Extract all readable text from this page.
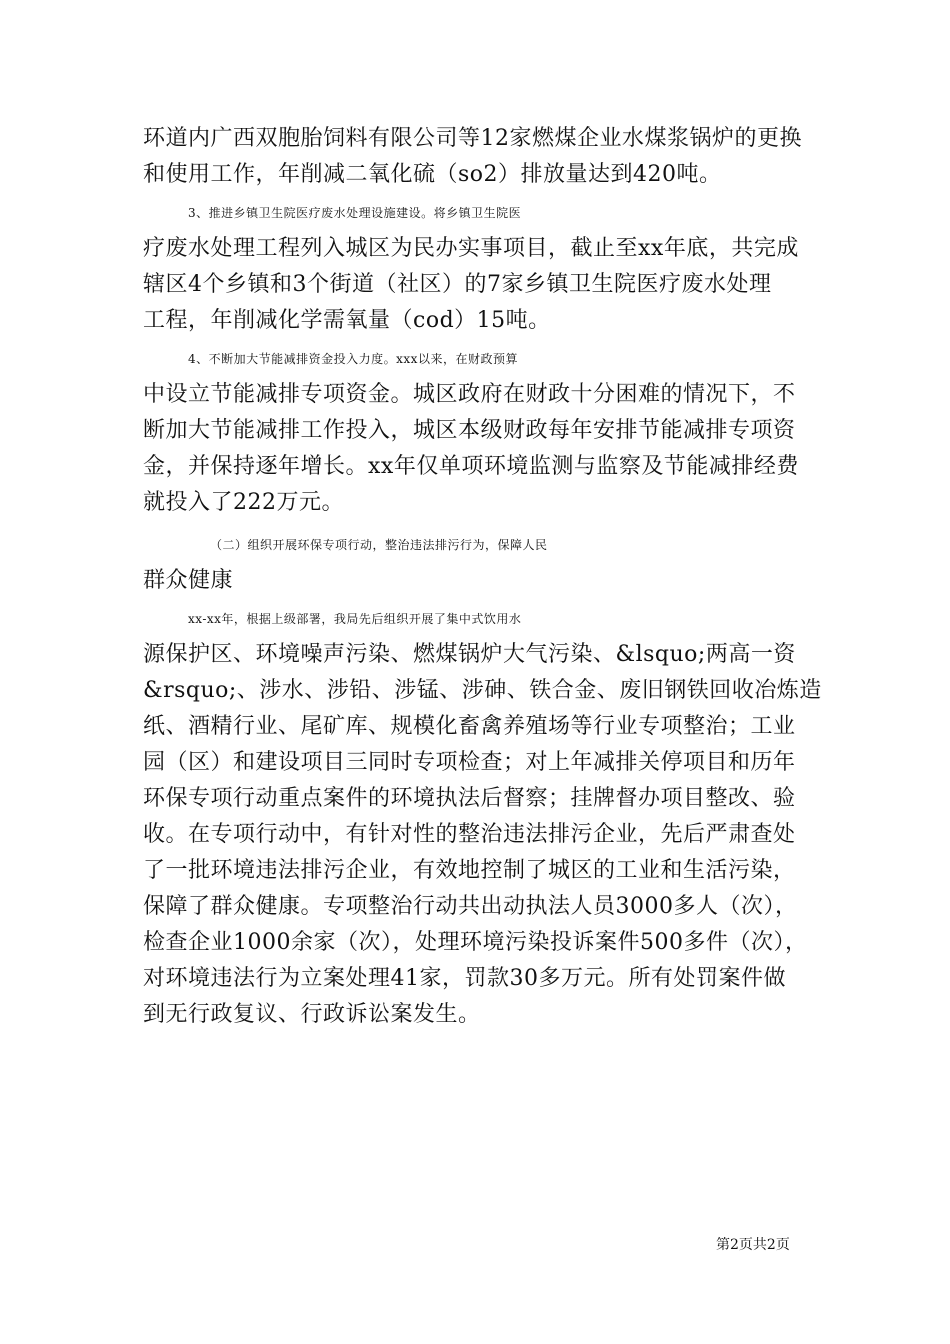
环道内广西双胞胎饲料有限公司等12家燃煤企业水煤浆锅炉的更换
和使用工作，年削减二氧化硫（so2）排放量达到420吨。
3、推进乡镇卫生院医疗废水处理设施建设。将乡镇卫生院医
疗废水处理工程列入城区为民办实事项目，截止至xx年底，共完成
辖区4个乡镇和3个街道（社区）的7家乡镇卫生院医疗废水处理
工程，年削减化学需氧量（cod）15吨。
4、不断加大节能减排资金投入力度。xxx以来，在财政预算
中设立节能减排专项资金。城区政府在财政十分困难的情况下，不
断加大节能减排工作投入，城区本级财政每年安排节能减排专项资
金，并保持逐年增长。xx年仅单项环境监测与监察及节能减排经费
就投入了222万元。
（二）组织开展环保专项行动，整治违法排污行为，保障人民
群众健康
xx-xx年，根据上级部署，我局先后组织开展了集中式饮用水
源保护区、环境噪声污染、燃煤锅炉大气污染、&lsquo;两高一资
&rsquo;、涉水、涉铅、涉锰、涉砷、铁合金、废旧钢铁回收冶炼造
纸、酒精行业、尾矿库、规模化畜禽养殖场等行业专项整治；工业
园（区）和建设项目三同时专项检查；对上年减排关停项目和历年
环保专项行动重点案件的环境执法后督察；挂牌督办项目整改、验
收。在专项行动中，有针对性的整治违法排污企业，先后严肃查处
了一批环境违法排污企业，有效地控制了城区的工业和生活污染，
保障了群众健康。专项整治行动共出动执法人员3000多人（次），
检查企业1000余家（次），处理环境污染投诉案件500多件（次），
对环境违法行为立案处理41家，罚款30多万元。所有处罚案件做
到无行政复议、行政诉讼案发生。
第2页共2页
